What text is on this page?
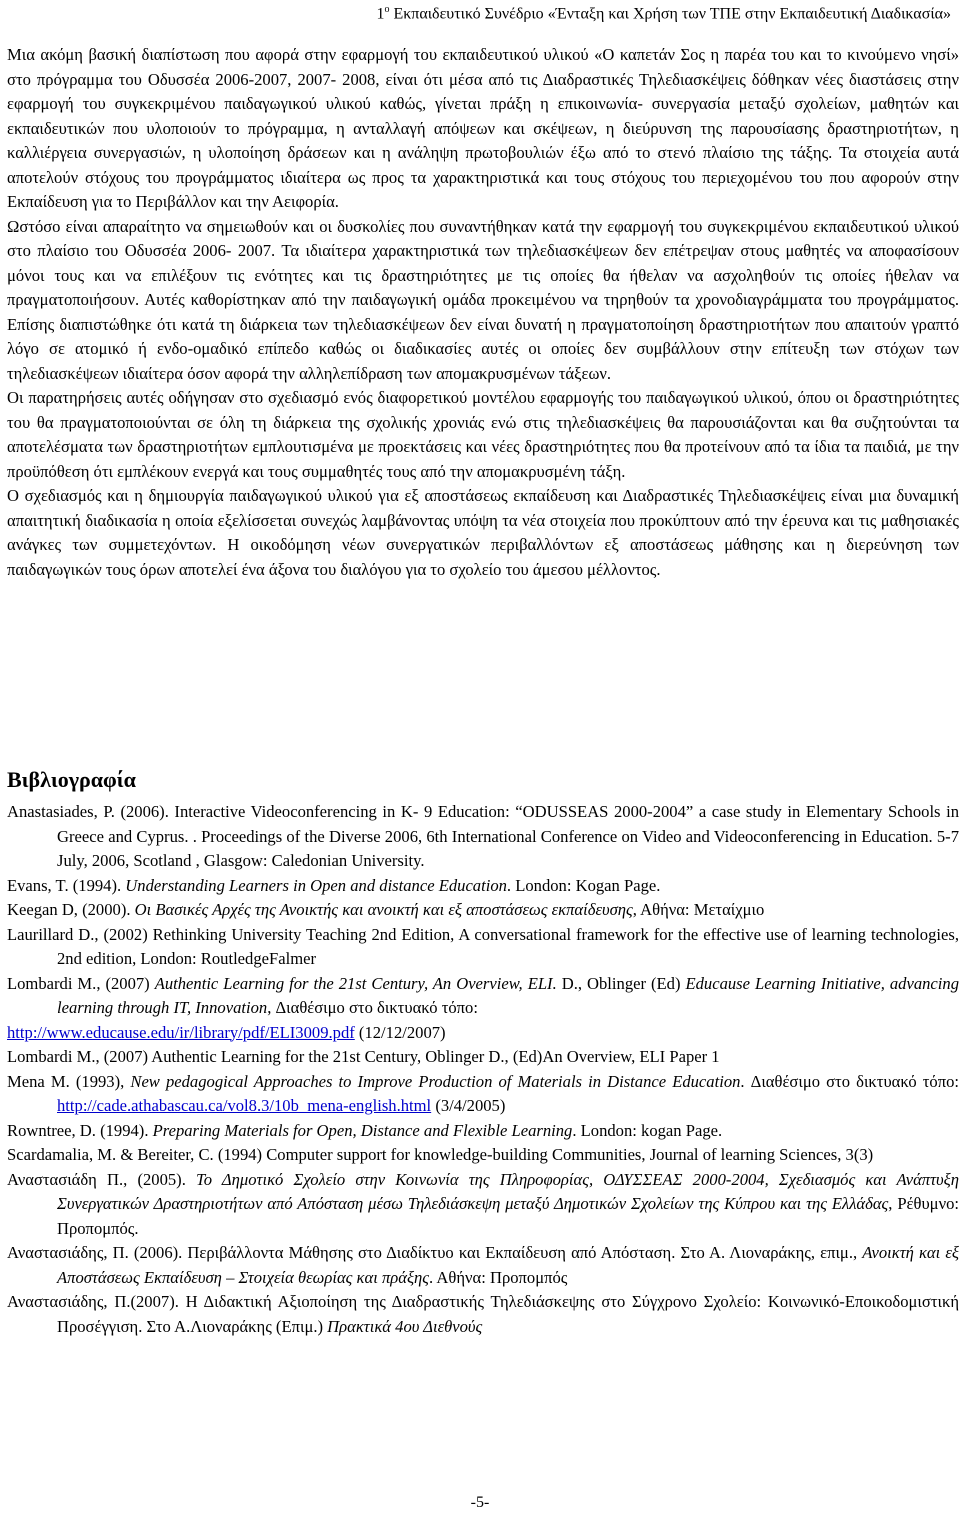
$1^o$ Εκπαιδευτικό Συνέδριο «Ένταξη και Χρήση των ΤΠΕ στην Εκπαιδευτική Διαδικασία»

Μια ακόμη βασική διαπίστωση που αφορά στην εφαρμογή του εκπαιδευτικού υλικού «Ο καπετάν Σος η παρέα του και το κινούμενο νησί» στο πρόγραμμα του Οδυσσέα 2006-2007, 2007- 2008, είναι ότι μέσα από τις Διαδραστικές Τηλεδιασκέψεις δόθηκαν νέες διαστάσεις στην εφαρμογή του συγκεκριμένου παιδαγωγικού υλικού καθώς, γίνεται πράξη η επικοινωνία- συνεργασία μεταξύ σχολείων, μαθητών και εκπαιδευτικών που υλοποιούν το πρόγραμμα, η ανταλλαγή απόψεων και σκέψεων, η διεύρυνση της παρουσίασης δραστηριοτήτων, η καλλιέργεια συνεργασιών, η υλοποίηση δράσεων και η ανάληψη πρωτοβουλιών έξω από το στενό πλαίσιο της τάξης. Τα στοιχεία αυτά αποτελούν στόχους του προγράμματος ιδιαίτερα ως προς τα χαρακτηριστικά και τους στόχους του περιεχομένου του που αφορούν στην Εκπαίδευση για το Περιβάλλον και την Αειφορία.

Ωστόσο είναι απαραίτητο να σημειωθούν και οι δυσκολίες που συναντήθηκαν κατά την εφαρμογή του συγκεκριμένου εκπαιδευτικού υλικού στο πλαίσιο του Οδυσσέα 2006- 2007. Τα ιδιαίτερα χαρακτηριστικά των τηλεδιασκέψεων δεν επέτρεψαν στους μαθητές να αποφασίσουν μόνοι τους και να επιλέξουν τις ενότητες και τις δραστηριότητες με τις οποίες θα ήθελαν να ασχοληθούν τις οποίες ήθελαν να πραγματοποιήσουν. Αυτές καθορίστηκαν από την παιδαγωγική ομάδα προκειμένου να τηρηθούν τα χρονοδιαγράμματα του προγράμματος. Επίσης διαπιστώθηκε ότι κατά τη διάρκεια των τηλεδιασκέψεων δεν είναι δυνατή η πραγματοποίηση δραστηριοτήτων που απαιτούν γραπτό λόγο σε ατομικό ή ενδο-ομαδικό επίπεδο καθώς οι διαδικασίες αυτές οι οποίες δεν συμβάλλουν στην επίτευξη των στόχων των τηλεδιασκέψεων ιδιαίτερα όσον αφορά την αλληλεπίδραση των απομακρυσμένων τάξεων.

Οι παρατηρήσεις αυτές οδήγησαν στο σχεδιασμό ενός διαφορετικού μοντέλου εφαρμογής του παιδαγωγικού υλικού, όπου οι δραστηριότητες του θα πραγματοποιούνται σε όλη τη διάρκεια της σχολικής χρονιάς ενώ στις τηλεδιασκέψεις θα παρουσιάζονται και θα συζητούνται τα αποτελέσματα των δραστηριοτήτων εμπλουτισμένα με προεκτάσεις και νέες δραστηριότητες που θα προτείνουν από τα ίδια τα παιδιά, με την προϋπόθεση ότι εμπλέκουν ενεργά και τους συμμαθητές τους από την απομακρυσμένη τάξη.

Ο σχεδιασμός και η δημιουργία παιδαγωγικού υλικού για εξ αποστάσεως εκπαίδευση και Διαδραστικές Τηλεδιασκέψεις είναι μια δυναμική απαιτητική διαδικασία η οποία εξελίσσεται συνεχώς λαμβάνοντας υπόψη τα νέα στοιχεία που προκύπτουν από την έρευνα και τις μαθησιακές ανάγκες των συμμετεχόντων. Η οικοδόμηση νέων συνεργατικών περιβαλλόντων εξ αποστάσεως μάθησης και η διερεύνηση των παιδαγωγικών τους όρων αποτελεί ένα άξονα του διαλόγου για το σχολείο του άμεσου μέλλοντος.

Βιβλιογραφία

Anastasiades, P. (2006). Interactive Videoconferencing in K- 9 Education: “ODUSSEAS 2000-2004” a case study in Elementary Schools in Greece and Cyprus. . Proceedings of the Diverse 2006, 6th International Conference on Video and Videoconferencing in Education. 5-7 July, 2006, Scotland , Glasgow: Caledonian University.

Evans, T. (1994). Understanding Learners in Open and distance Education. London: Kogan Page.

Keegan D, (2000). Οι Βασικές Αρχές της Ανοικτής και ανοικτή και εξ αποστάσεως εκπαίδευσης, Αθήνα: Μεταίχμιο

Laurillard D., (2002) Rethinking University Teaching 2nd Edition, A conversational framework for the effective use of learning technologies, 2nd edition, London: RoutledgeFalmer

Lombardi M., (2007) Authentic Learning for the 21st Century, An Overview, ELI. D., Oblinger (Ed) Educause Learning Initiative, advancing learning through IT, Innovation, Διαθέσιμο στο δικτυακό τόπο:

http://www.educause.edu/ir/library/pdf/ELI3009.pdf (12/12/2007)

Lombardi M., (2007) Authentic Learning for the 21st Century, Oblinger D., (Ed)An Overview, ELI Paper 1

Mena M. (1993), New pedagogical Approaches to Improve Production of Materials in Distance Education. Διαθέσιμο στο δικτυακό τόπο: http://cade.athabascau.ca/vol8.3/10b_mena-english.html (3/4/2005)

Rowntree, D. (1994). Preparing Materials for Open, Distance and Flexible Learning. London: kogan Page.

Scardamalia, M. & Bereiter, C. (1994) Computer support for knowledge-building Communities, Journal of learning Sciences, 3(3)

Αναστασιάδη Π., (2005). Το Δημοτικό Σχολείο στην Κοινωνία της Πληροφορίας, ΟΔΥΣΣΕΑΣ 2000-2004, Σχεδιασμός και Ανάπτυξη Συνεργατικών Δραστηριοτήτων από Απόσταση μέσω Τηλεδιάσκεψη μεταξύ Δημοτικών Σχολείων της Κύπρου και της Ελλάδας, Ρέθυμνο: Προπομπός.

Αναστασιάδης, Π. (2006). Περιβάλλοντα Μάθησης στο Διαδίκτυο και Εκπαίδευση από Απόσταση. Στο Α. Λιοναράκης, επιμ., Ανοικτή και εξ Αποστάσεως Εκπαίδευση – Στοιχεία θεωρίας και πράξης. Αθήνα: Προπομπός

Αναστασιάδης, Π.(2007). Η Διδακτική Αξιοποίηση της Διαδραστικής Τηλεδιάσκεψης στο Σύγχρονο Σχολείο: Κοινωνικό-Εποικοδομιστική Προσέγγιση. Στο Α.Λιοναράκης (Επιμ.) Πρακτικά 4ου Διεθνούς

-5-
